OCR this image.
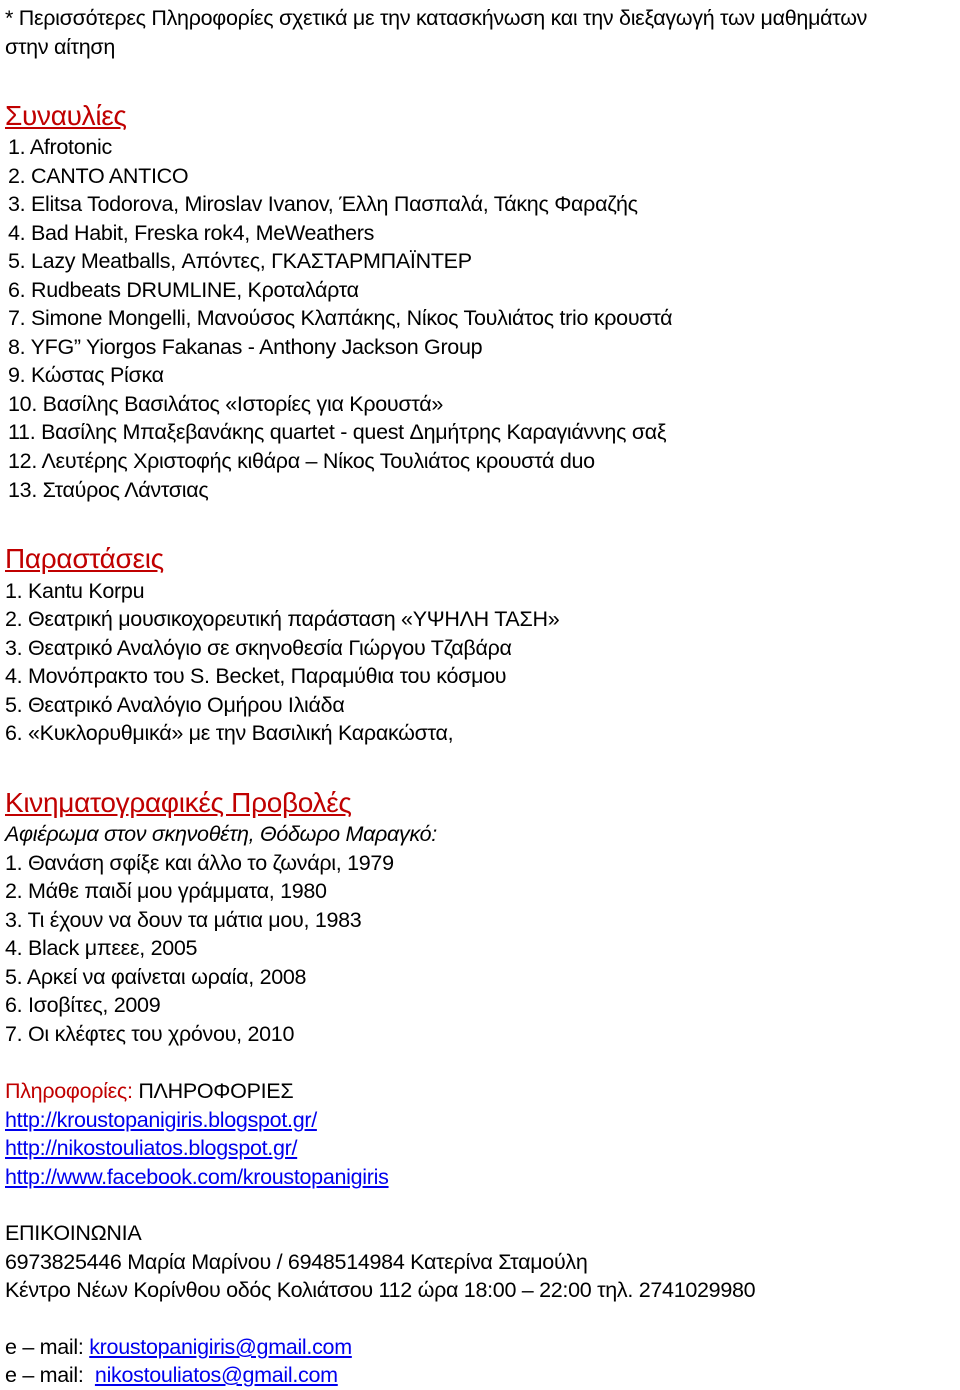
* Περισσότερες Πληροφορίες σχετικά με την κατασκήνωση και την διεξαγωγή των μαθημάτων
στην αίτηση
Συναυλίες
1. Afrotonic
2. CANTO ANTICO
3. Elitsa Todorova, Miroslav Ivanov, Έλλη Πασπαλά, Τάκης Φαραζής
4. Bad Habit, Freska rok4, MeWeathers
5. Lazy Meatballs, Απόντες, ΓΚΑΣΤΑΡΜΠΑΪΝΤΕΡ
6. Rudbeats DRUMLINE, Κροταλάρτα
7. Simone Mongelli, Μανούσος Κλαπάκης, Νίκος Τουλιάτος trio κρουστά
8. YFG” Yiorgos Fakanas - Anthony Jackson Group
9. Κώστας Ρίσκα
10. Βασίλης Βασιλάτος «Ιστορίες για Κρουστά»
11. Βασίλης Μπαξεβανάκης quartet - quest Δημήτρης Καραγιάννης σαξ
12. Λευτέρης Χριστοφής κιθάρα – Νίκος Τουλιάτος κρουστά duo
13. Σταύρος Λάντσιας
Παραστάσεις
1. Kantu Korpu
2. Θεατρική μουσικοχορευτική παράσταση «ΥΨΗΛΗ ΤΑΣΗ»
3. Θεατρικό Αναλόγιο σε σκηνοθεσία Γιώργου Τζαβάρα
4. Μονόπρακτο του S. Becket, Παραμύθια του κόσμου
5. Θεατρικό Αναλόγιο Ομήρου Ιλιάδα
6. «Κυκλορυθμικά» με την Βασιλική Καρακώστα,
Κινηματογραφικές Προβολές
Αφιέρωμα στον σκηνοθέτη, Θόδωρο Μαραγκό:
1. Θανάση σφίξε και άλλο το ζωνάρι, 1979
2. Μάθε παιδί μου γράμματα, 1980
3. Τι έχουν να δουν τα μάτια μου, 1983
4. Black μπεεε, 2005
5. Αρκεί να φαίνεται ωραία, 2008
6. Ισοβίτες, 2009
7. Οι κλέφτες του χρόνου, 2010
Πληροφορίες: ΠΛΗΡΟΦΟΡΙΕΣ
http://kroustopanigiris.blogspot.gr/
http://nikostouliatos.blogspot.gr/
http://www.facebook.com/kroustopanigiris
ΕΠΙΚΟΙΝΩΝΙΑ
6973825446 Μαρία Μαρίνου / 6948514984 Κατερίνα Σταμούλη
Κέντρο Νέων Κορίνθου οδός Κολιάτσου 112 ώρα 18:00 – 22:00 τηλ. 2741029980
e – mail: kroustopanigiris@gmail.com
e – mail:  nikostouliatos@gmail.com
